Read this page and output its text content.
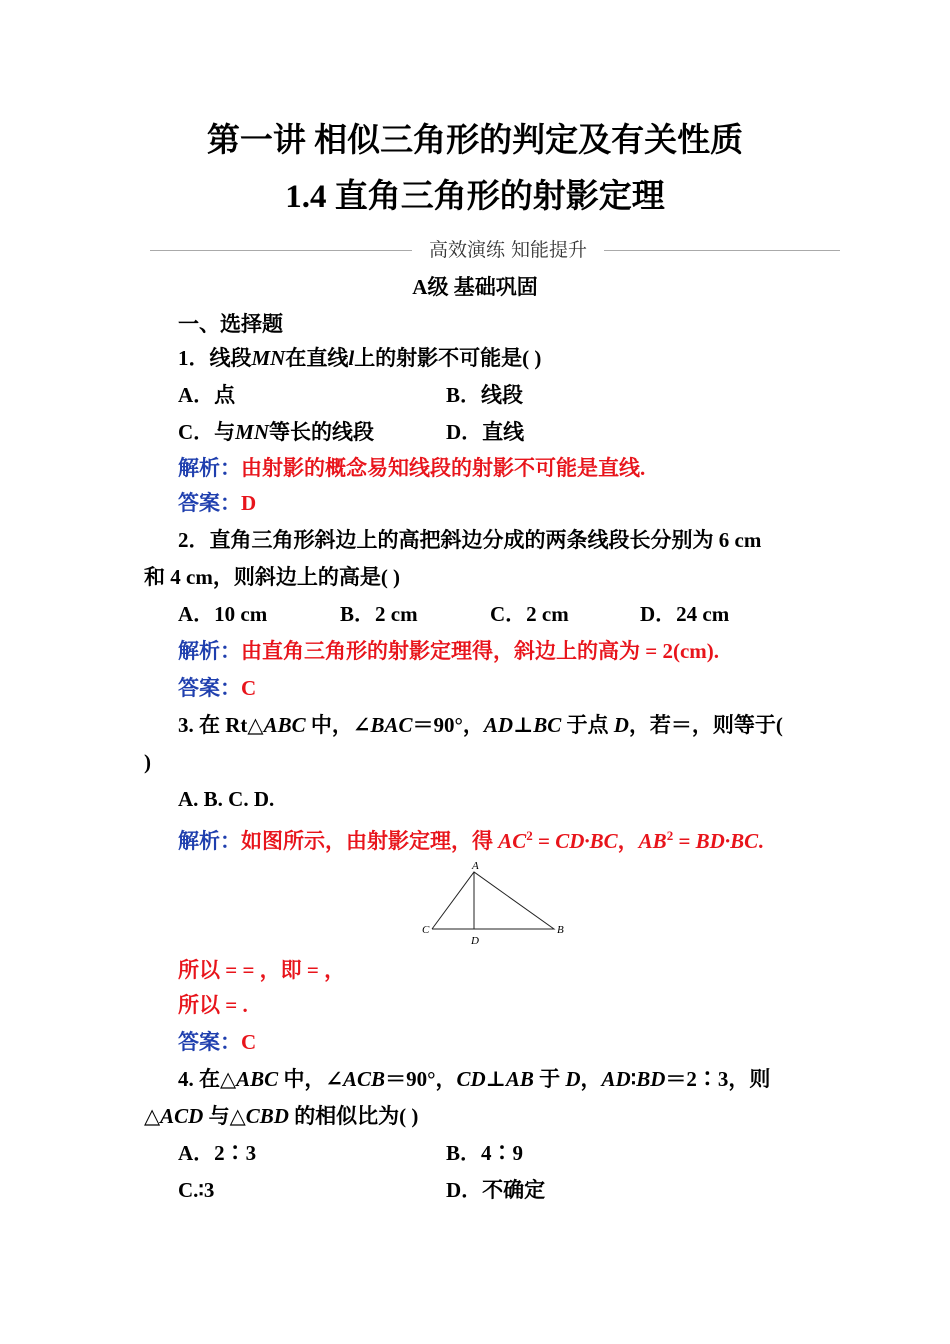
第一讲 相似三角形的判定及有关性质
1.4 直角三角形的射影定理
高效演练 知能提升
A级 基础巩固
一、选择题
1．线段MN在直线l上的射影不可能是( )
A．点	B．线段
C．与MN等长的线段	D．直线
解析：由射影的概念易知线段的射影不可能是直线.
答案：D
2．直角三角形斜边上的高把斜边分成的两条线段长分别为 6 cm
和 4 cm，则斜边上的高是( )
A．10 cm	B．2 cm	C．2 cm	D．24 cm
解析：由直角三角形的射影定理得，斜边上的高为 = 2(cm).
答案：C
3. 在 Rt△ABC 中，∠BAC＝90°，AD⊥BC 于点 D，若＝，则等于(
)
A. B. C. D.
解析：如图所示，由射影定理，得 $AC^2 = CD\cdot BC$，$AB^2 = BD\cdot BC$.
A
C
D
B
所以 = = ，即 = ，
所以 = .
答案：C
4. 在△ABC 中，∠ACB＝90°，CD⊥AB 于 D，AD∶BD＝2∶3，则
△ACD 与△CBD 的相似比为( )
A．2∶3	B．4∶9
C.∶3	D．不确定
